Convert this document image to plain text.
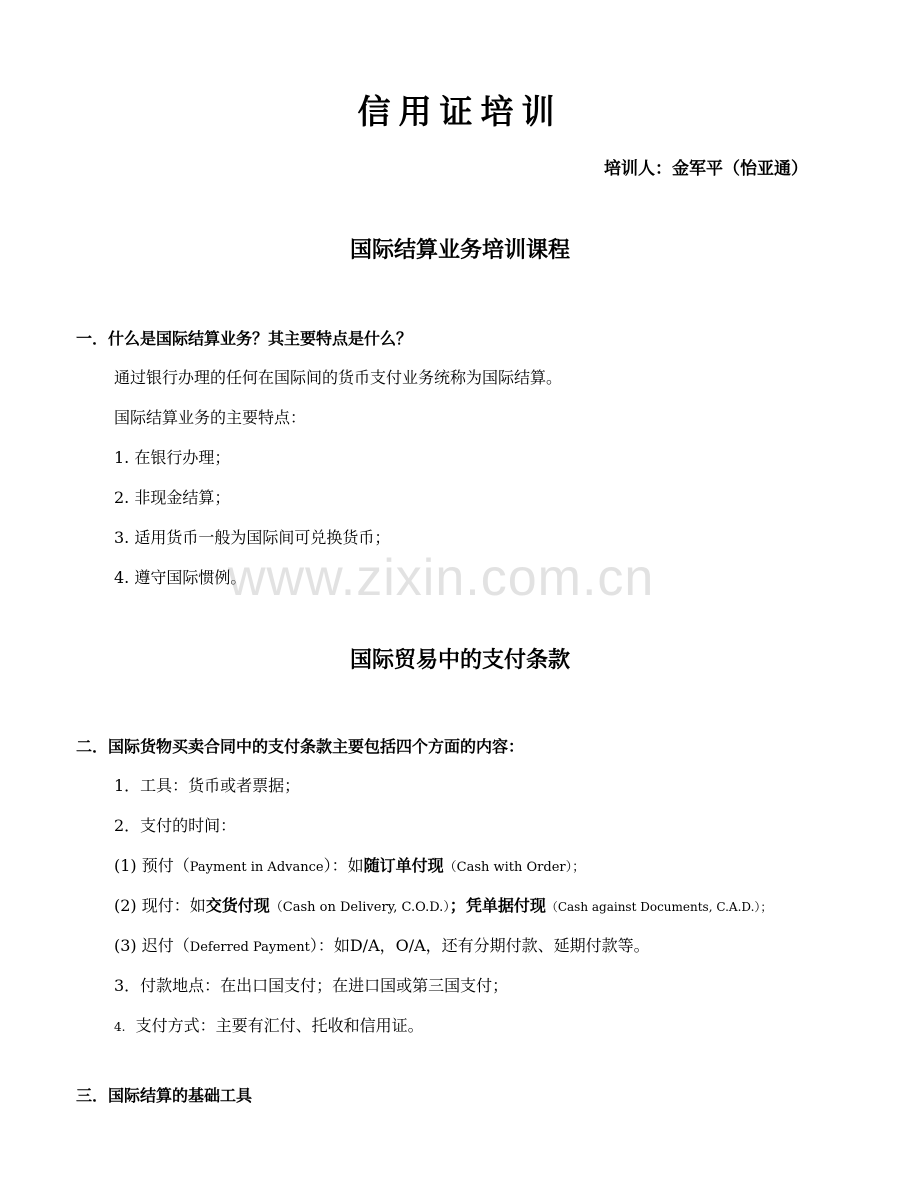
信用证培训
培训人：金军平（怡亚通）
国际结算业务培训课程
一．什么是国际结算业务？其主要特点是什么？
通过银行办理的任何在国际间的货币支付业务统称为国际结算。
国际结算业务的主要特点：
1. 在银行办理；
2. 非现金结算；
3. 适用货币一般为国际间可兑换货币；
4. 遵守国际惯例。
www.zixin.com.cn
国际贸易中的支付条款
二．国际货物买卖合同中的支付条款主要包括四个方面的内容：
1．工具：货币或者票据；
2．支付的时间：
(1) 预付（Payment in Advance）：如随订单付现（Cash with Order）；
(2) 现付：如交货付现（Cash on Delivery, C.O.D.）；凭单据付现（Cash against Documents, C.A.D.）；
(3) 迟付（Deferred Payment）：如D/A，O/A，还有分期付款、延期付款等。
3．付款地点：在出口国支付；在进口国或第三国支付；
4. 支付方式：主要有汇付、托收和信用证。
三．国际结算的基础工具
